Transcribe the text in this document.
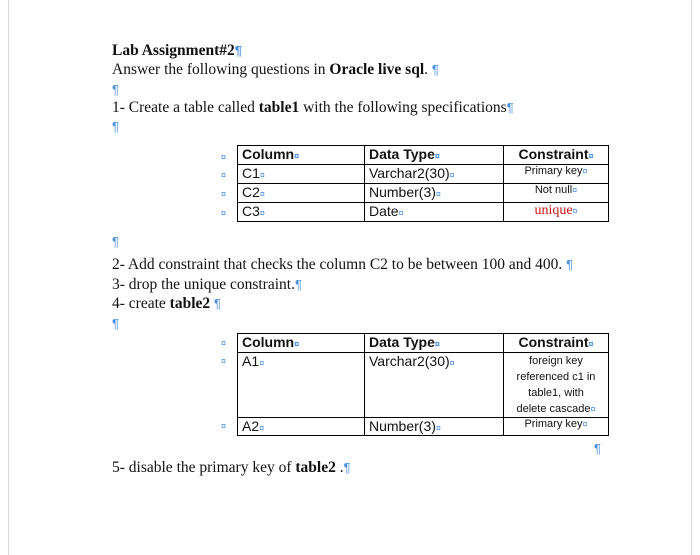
Lab Assignment#2¶
Answer the following questions in Oracle live sql. ¶
¶
1- Create a table called table1 with the following specifications¶
¶
¤
¤
¤
¤
Column¤	Data Type¤	Constraint¤
C1¤	Varchar2(30)¤	Primary key¤
C2¤	Number(3)¤	Not null¤
C3¤	Date¤	unique¤
¶
2- Add constraint that checks the column C2 to be between 100 and 400. ¶
3- drop the unique constraint.¶
4- create table2 ¶
¶
¤
¤
¤
Column¤	Data Type¤	Constraint¤
A1¤	Varchar2(30)¤	foreign key
referenced c1 in
table1, with
delete cascade¤

A2¤	Number(3)¤	Primary key¤
¶
5- disable the primary key of table2 .¶
